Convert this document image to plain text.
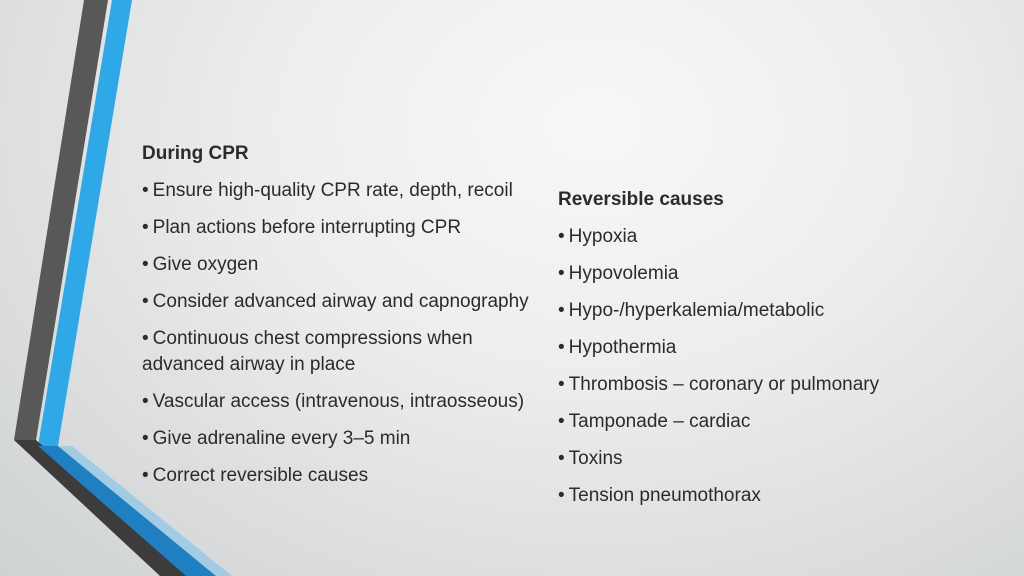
During CPR
• Ensure high-quality CPR rate, depth, recoil
• Plan actions before interrupting CPR
• Give oxygen
• Consider advanced airway and capnography
• Continuous chest compressions when advanced airway in place
• Vascular access (intravenous, intraosseous)
• Give adrenaline every 3–5 min
• Correct reversible causes
Reversible causes
• Hypoxia
• Hypovolemia
• Hypo-/hyperkalemia/metabolic
• Hypothermia
• Thrombosis – coronary or pulmonary
• Tamponade – cardiac
• Toxins
• Tension pneumothorax
